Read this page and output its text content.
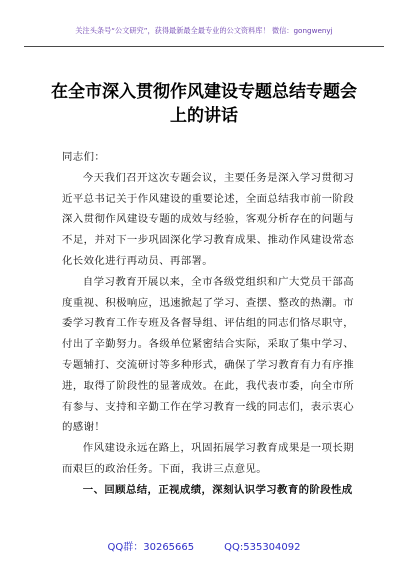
关注头条号“公文研究”，获得最新最全最专业的公文资料库！ 微信：gongwenyj
在全市深入贯彻作风建设专题总结专题会上的讲话

同志们：

今天我们召开这次专题会议，主要任务是深入学习贯彻习近平总书记关于作风建设的重要论述，全面总结我市前一阶段深入贯彻作风建设专题的成效与经验，客观分析存在的问题与不足，并对下一步巩固深化学习教育成果、推动作风建设常态化长效化进行再动员、再部署。

自学习教育开展以来，全市各级党组织和广大党员干部高度重视、积极响应，迅速掀起了学习、查摆、整改的热潮。市委学习教育工作专班及各督导组、评估组的同志们恪尽职守，付出了辛勤努力。各级单位紧密结合实际，采取了集中学习、专题辅打、交流研讨等多种形式，确保了学习教育有力有序推进，取得了阶段性的显著成效。在此，我代表市委，向全市所有参与、支持和辛勤工作在学习教育一线的同志们，表示衷心的感谢！

作风建设永远在路上，巩固拓展学习教育成果是一项长期而艰巨的政治任务。下面，我讲三点意见。

一、回顾总结，正视成绩，深刻认识学习教育的阶段性成

QQ群：30265665	QQ:535304092
